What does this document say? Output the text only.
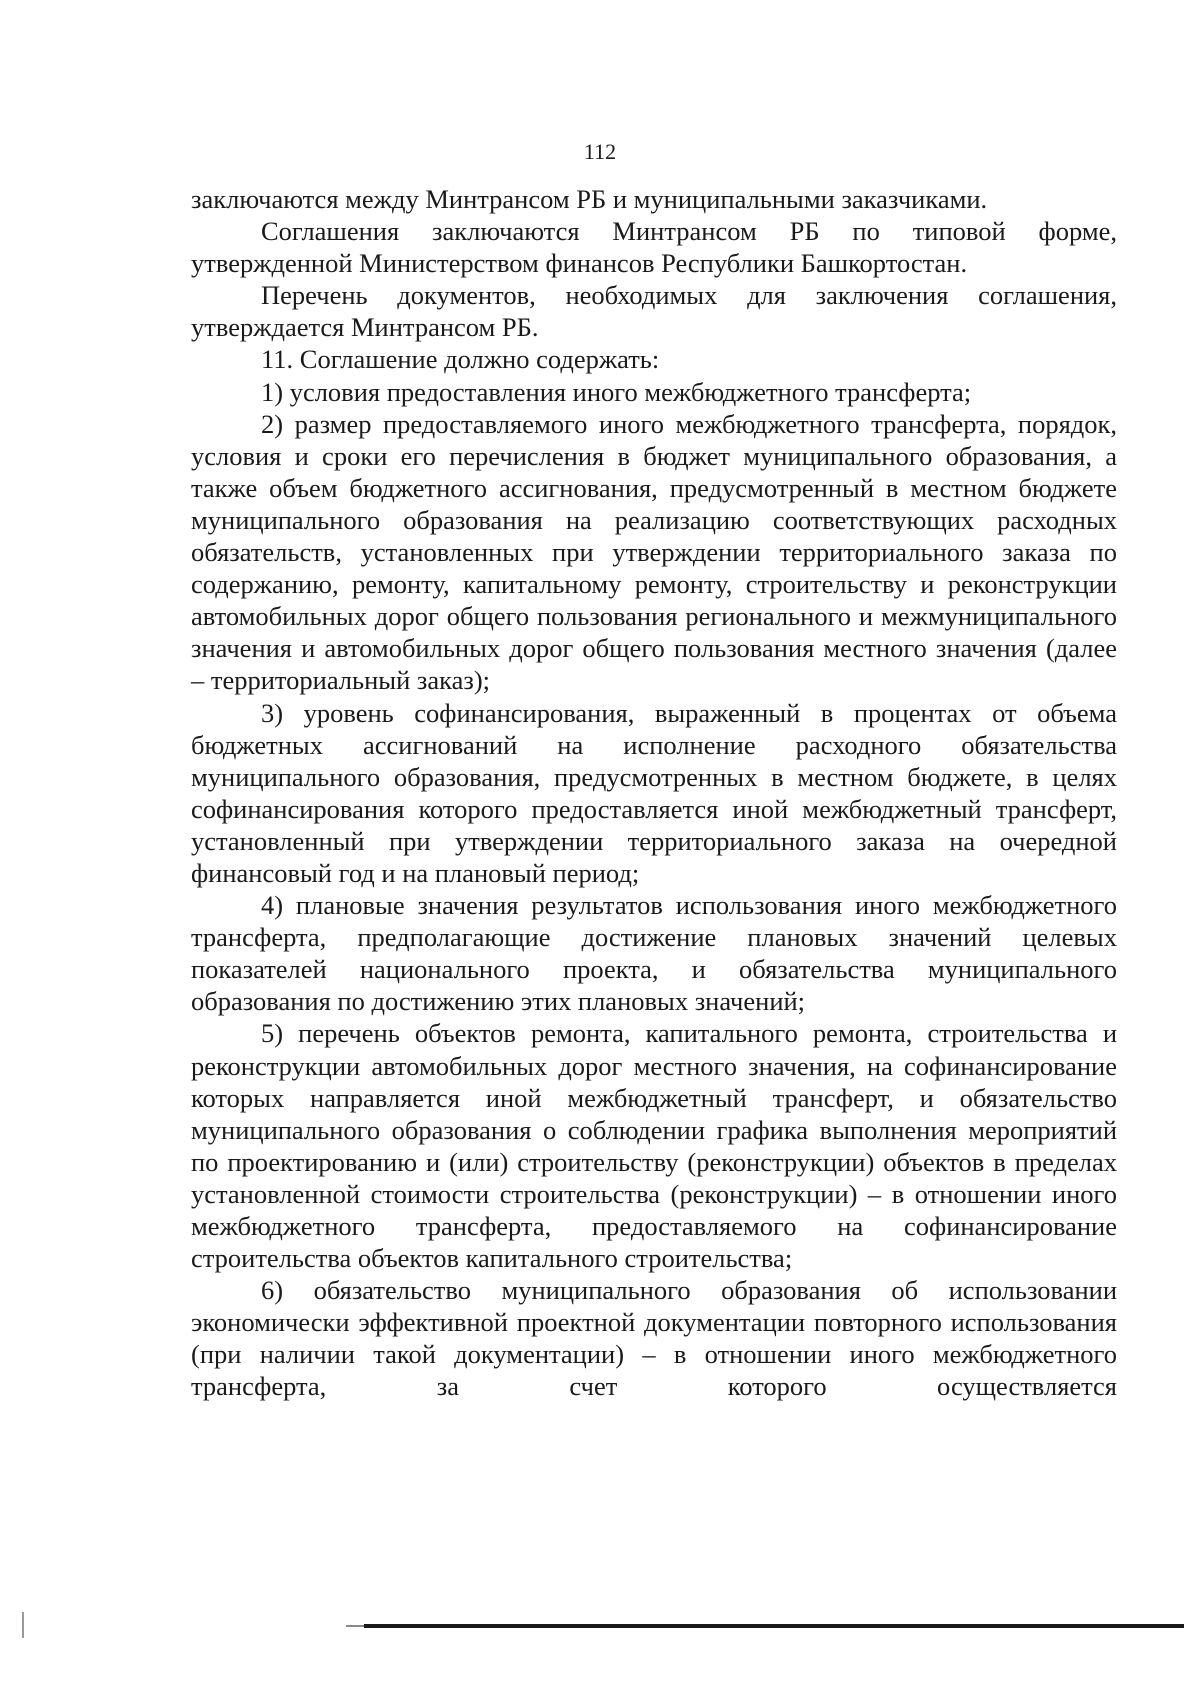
112

заключаются между Минтрансом РБ и муниципальными заказчиками.

Соглашения заключаются Минтрансом РБ по типовой форме, утвержденной Министерством финансов Республики Башкортостан.

Перечень документов, необходимых для заключения соглашения, утверждается Минтрансом РБ.

11. Соглашение должно содержать:

1) условия предоставления иного межбюджетного трансферта;

2) размер предоставляемого иного межбюджетного трансферта, порядок, условия и сроки его перечисления в бюджет муниципального образования, а также объем бюджетного ассигнования, предусмотренный в местном бюджете муниципального образования на реализацию соответствующих расходных обязательств, установленных при утверждении территориального заказа по содержанию, ремонту, капитальному ремонту, строительству и реконструкции автомобильных дорог общего пользования регионального и межмуниципального значения и автомобильных дорог общего пользования местного значения (далее – территориальный заказ);

3) уровень софинансирования, выраженный в процентах от объема бюджетных ассигнований на исполнение расходного обязательства муниципального образования, предусмотренных в местном бюджете, в целях софинансирования которого предоставляется иной межбюджетный трансферт, установленный при утверждении территориального заказа на очередной финансовый год и на плановый период;

4) плановые значения результатов использования иного межбюджетного трансферта, предполагающие достижение плановых значений целевых показателей национального проекта, и обязательства муниципального образования по достижению этих плановых значений;

5) перечень объектов ремонта, капитального ремонта, строительства и реконструкции автомобильных дорог местного значения, на софинансирование которых направляется иной межбюджетный трансферт, и обязательство муниципального образования о соблюдении графика выполнения мероприятий по проектированию и (или) строительству (реконструкции) объектов в пределах установленной стоимости строительства (реконструкции) – в отношении иного межбюджетного трансферта, предоставляемого на софинансирование строительства объектов капитального строительства;

6) обязательство муниципального образования об использовании экономически эффективной проектной документации повторного использования (при наличии такой документации) – в отношении иного межбюджетного трансферта, за счет которого осуществляется
